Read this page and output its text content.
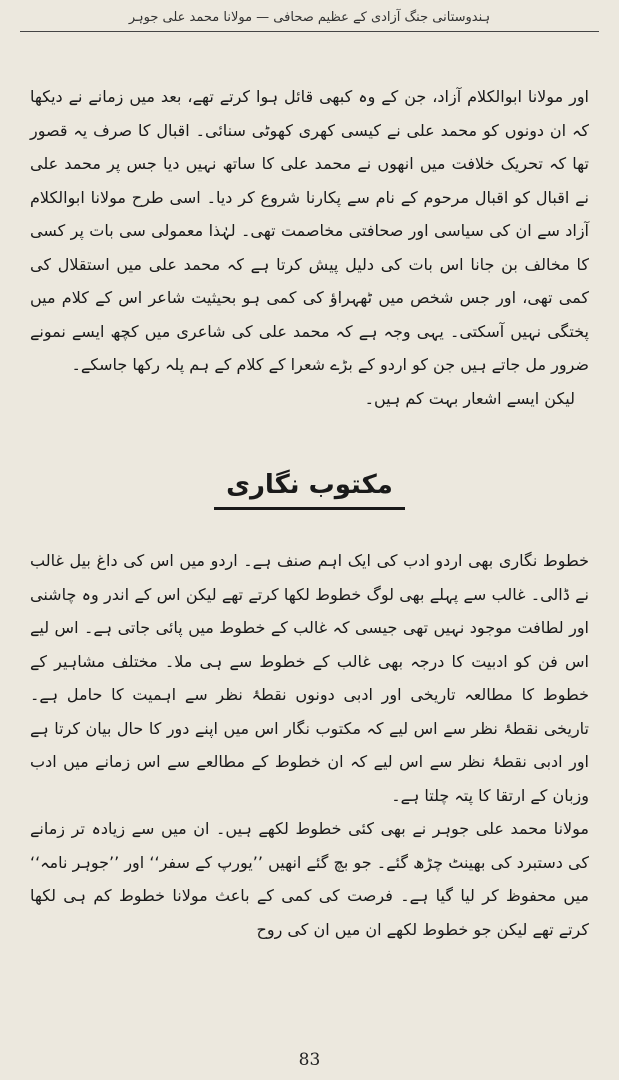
ہندوستانی جنگ آزادی کے عظیم صحافی — مولانا محمد علی جوہر

اور مولانا ابوالکلام آزاد، جن کے وہ کبھی قائل ہوا کرتے تھے، بعد میں زمانے نے دیکھا کہ ان دونوں کو محمد علی نے کیسی کھری کھوٹی سنائی۔ اقبال کا صرف یہ قصور تھا کہ تحریک خلافت میں انھوں نے محمد علی کا ساتھ نہیں دیا جس پر محمد علی نے اقبال کو اقبال مرحوم کے نام سے پکارنا شروع کر دیا۔ اسی طرح مولانا ابوالکلام آزاد سے ان کی سیاسی اور صحافتی مخاصمت تھی۔ لہٰذا معمولی سی بات پر کسی کا مخالف بن جانا اس بات کی دلیل پیش کرتا ہے کہ محمد علی میں استقلال کی کمی تھی، اور جس شخص میں ٹھہراؤ کی کمی ہو بحیثیت شاعر اس کے کلام میں پختگی نہیں آسکتی۔ یہی وجہ ہے کہ محمد علی کی شاعری میں کچھ ایسے نمونے ضرور مل جاتے ہیں جن کو اردو کے بڑے شعرا کے کلام کے ہم پلہ رکھا جاسکے۔

لیکن ایسے اشعار بہت کم ہیں۔

مکتوب نگاری

خطوط نگاری بھی اردو ادب کی ایک اہم صنف ہے۔ اردو میں اس کی داغ بیل غالب نے ڈالی۔ غالب سے پہلے بھی لوگ خطوط لکھا کرتے تھے لیکن اس کے اندر وہ چاشنی اور لطافت موجود نہیں تھی جیسی کہ غالب کے خطوط میں پائی جاتی ہے۔ اس لیے اس فن کو ادبیت کا درجہ بھی غالب کے خطوط سے ہی ملا۔ مختلف مشاہیر کے خطوط کا مطالعہ تاریخی اور ادبی دونوں نقطۂ نظر سے اہمیت کا حامل ہے۔ تاریخی نقطۂ نظر سے اس لیے کہ مکتوب نگار اس میں اپنے دور کا حال بیان کرتا ہے اور ادبی نقطۂ نظر سے اس لیے کہ ان خطوط کے مطالعے سے اس زمانے میں ادب وزبان کے ارتقا کا پتہ چلتا ہے۔

مولانا محمد علی جوہر نے بھی کئی خطوط لکھے ہیں۔ ان میں سے زیادہ تر زمانے کی دستبرد کی بھینٹ چڑھ گئے۔ جو بچ گئے انھیں ’’یورپ کے سفر‘‘ اور ’’جوہر نامہ‘‘ میں محفوظ کر لیا گیا ہے۔ فرصت کی کمی کے باعث مولانا خطوط کم ہی لکھا کرتے تھے لیکن جو خطوط لکھے ان میں ان کی روح

83
